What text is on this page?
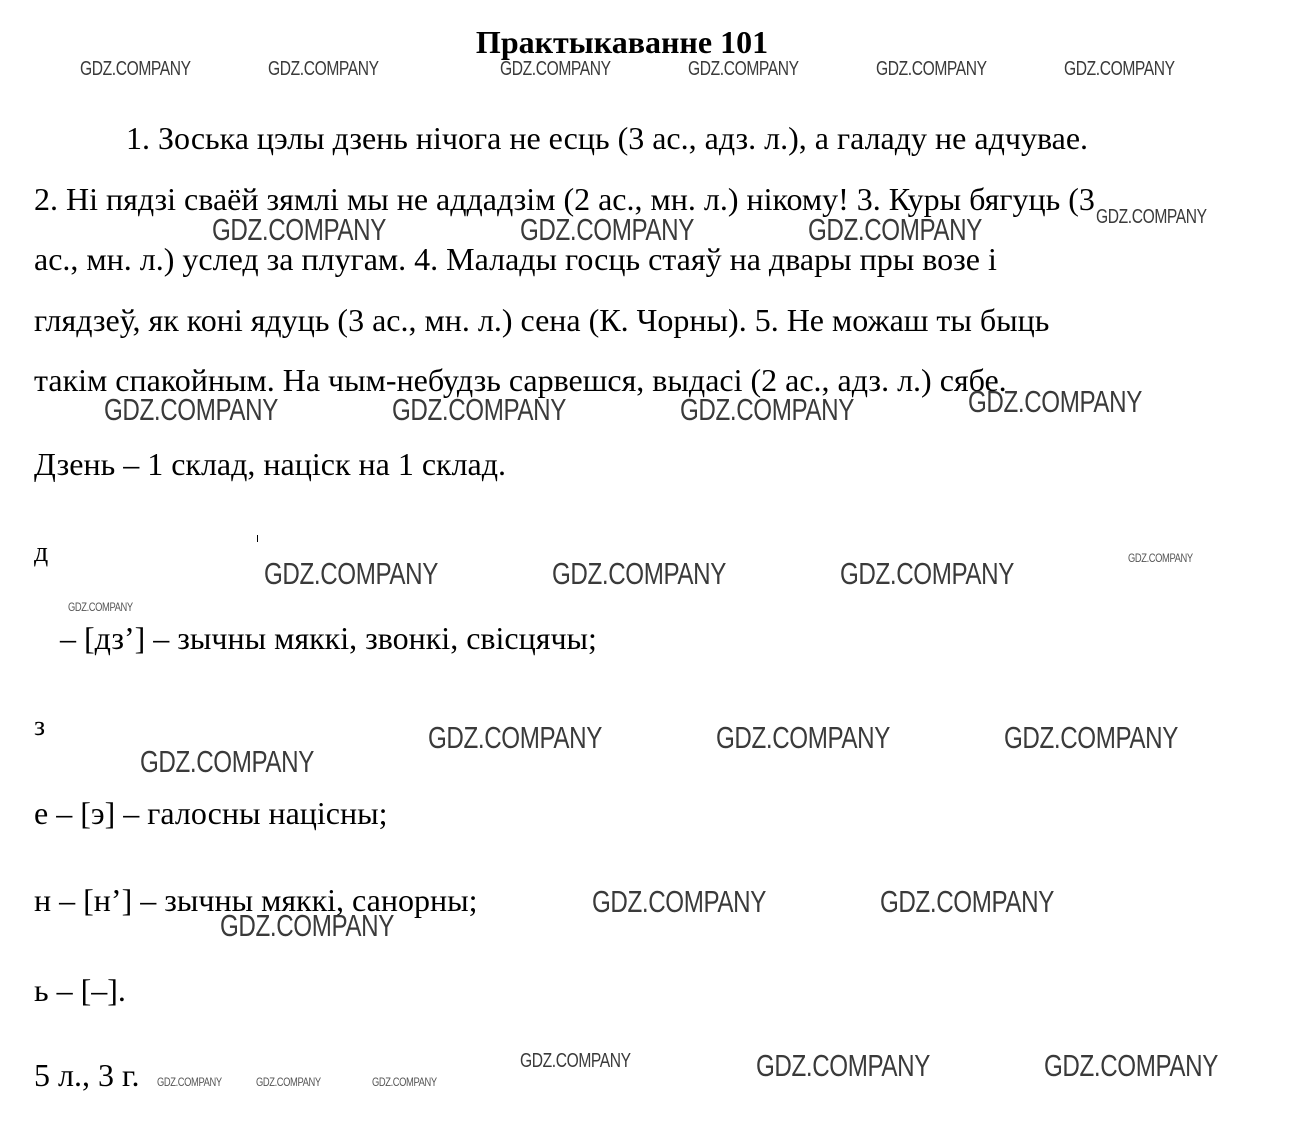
Практыкаванне 101
1. Зоська цэлы дзень нічога не есць (3 ас., адз. л.), а галаду не адчувае.
2. Ні пядзі сваёй зямлі мы не аддадзім (2 ас., мн. л.) нікому! 3. Куры бягуць (3
ас., мн. л.) услед за плугам. 4. Малады госць стаяў на двары пры возе і
глядзеў, як коні ядуць (3 ас., мн. л.) сена (К. Чорны). 5. Не можаш ты быць
такім спакойным. На чым-небудзь сарвешся, выдасі (2 ас., адз. л.) сябе.
Дзень – 1 склад, націск на 1 склад.
д
– [дз’] – зычны мяккі, звонкі, свісцячы;
з
е – [э] – галосны націсны;
н – [н’] – зычны мяккі, санорны;
ь – [–].
5 л., 3 г.
GDZ.COMPANY	GDZ.COMPANY	GDZ.COMPANY	GDZ.COMPANY	GDZ.COMPANY	GDZ.COMPANY
GDZ.COMPANY	GDZ.COMPANY	GDZ.COMPANY	GDZ.COMPANY
GDZ.COMPANY	GDZ.COMPANY	GDZ.COMPANY	GDZ.COMPANY
GDZ.COMPANY	GDZ.COMPANY	GDZ.COMPANY	GDZ.COMPANY
GDZ.COMPANY
GDZ.COMPANY	GDZ.COMPANY	GDZ.COMPANY
GDZ.COMPANY
GDZ.COMPANY	GDZ.COMPANY
GDZ.COMPANY
GDZ.COMPANY	GDZ.COMPANY	GDZ.COMPANY
GDZ.COMPANY	GDZ.COMPANY	GDZ.COMPANY
